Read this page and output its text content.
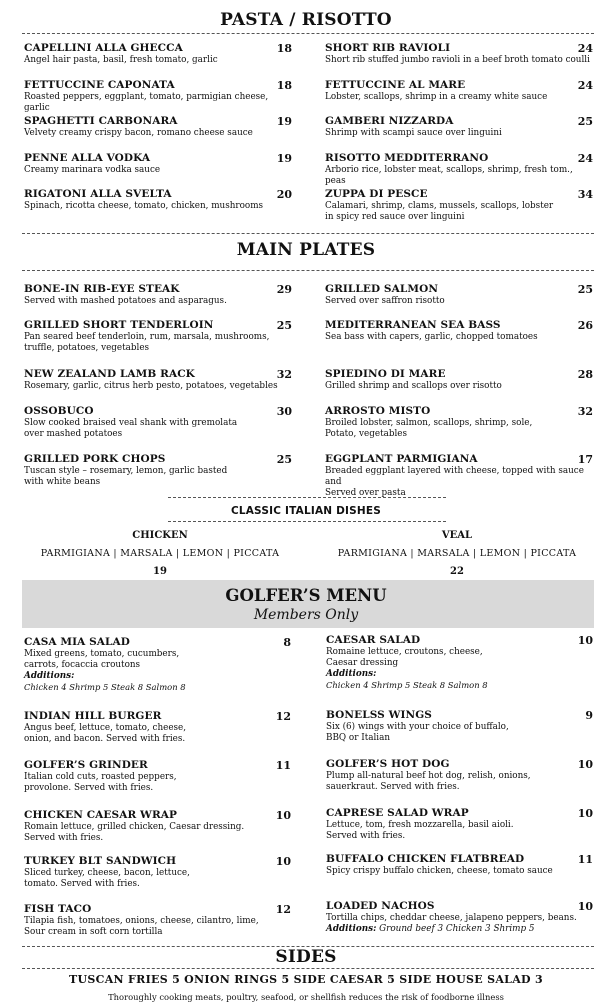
PASTA / RISOTTO
MAIN PLATES
CAPELLINI ALLA GHECCA	18
Angel hair pasta, basil, fresh tomato, garlic
FETTUCCINE CAPONATA	18
Roasted peppers, eggplant, tomato, parmigian cheese, garlic
SPAGHETTI CARBONARA	19
Velvety creamy crispy bacon, romano cheese sauce
PENNE ALLA VODKA	19
Creamy marinara vodka sauce
RIGATONI ALLA SVELTA	20
Spinach, ricotta cheese, tomato, chicken, mushrooms
SHORT RIB RAVIOLI	24
Short rib stuffed jumbo ravioli in a beef broth tomato coulli
FETTUCCINE AL MARE	24
Lobster, scallops, shrimp in a creamy white sauce
GAMBERI NIZZARDA	25
Shrimp with scampi sauce over linguini
RISOTTO MEDDITERRANO	24
Arborio rice, lobster meat, scallops, shrimp, fresh tom., peas
ZUPPA DI PESCE	34
Calamari, shrimp, clams, mussels, scallops, lobster
in spicy red sauce over linguini
BONE-IN RIB-EYE STEAK	29
Served with mashed potatoes and asparagus.
GRILLED SHORT TENDERLOIN	25
Pan seared beef tenderloin, rum, marsala, mushrooms,
truffle, potatoes, vegetables
NEW ZEALAND LAMB RACK	32
Rosemary, garlic, citrus herb pesto, potatoes, vegetables
OSSOBUCO	30
Slow cooked braised veal shank with gremolata
over mashed potatoes
GRILLED PORK CHOPS	25
Tuscan style – rosemary, lemon, garlic basted
with white beans
GRILLED SALMON	25
Served over saffron risotto
MEDITERRANEAN SEA BASS	26
Sea bass with capers, garlic, chopped tomatoes
SPIEDINO DI MARE	28
Grilled shrimp and scallops over risotto
ARROSTO MISTO	32
Broiled lobster, salmon, scallops, shrimp, sole,
Potato, vegetables
EGGPLANT PARMIGIANA	17
Breaded eggplant layered with cheese, topped with sauce and
Served over pasta
CLASSIC ITALIAN DISHES
CHICKEN
PARMIGIANA | MARSALA | LEMON | PICCATA
19
VEAL
PARMIGIANA | MARSALA | LEMON | PICCATA
22
GOLFER’S MENU
Members Only
CASA MIA SALAD	8
Mixed greens, tomato, cucumbers,
carrots, focaccia croutons
Additions:
Chicken 4 Shrimp 5 Steak 8 Salmon 8
INDIAN HILL BURGER	12
Angus beef, lettuce, tomato, cheese,
onion, and bacon. Served with fries.
GOLFER’S GRINDER	11
Italian cold cuts, roasted peppers,
provolone. Served with fries.
CHICKEN CAESAR WRAP	10
Romain lettuce, grilled chicken, Caesar dressing.
Served with fries.
TURKEY BLT SANDWICH	10
Sliced turkey, cheese, bacon, lettuce,
tomato. Served with fries.
FISH TACO	12
Tilapia fish, tomatoes, onions, cheese, cilantro, lime,
Sour cream in soft corn tortilla
CAESAR SALAD	10
Romaine lettuce, croutons, cheese,
Caesar dressing
Additions:
Chicken 4 Shrimp 5 Steak 8 Salmon 8
BONELSS WINGS	9
Six (6) wings with your choice of buffalo,
BBQ or Italian
GOLFER’S HOT DOG	10
Plump all-natural beef hot dog, relish, onions,
sauerkraut. Served with fries.
CAPRESE SALAD WRAP	10
Lettuce, tom, fresh mozzarella, basil aioli.
Served with fries.
BUFFALO CHICKEN FLATBREAD	11
Spicy crispy buffalo chicken, cheese, tomato sauce
LOADED NACHOS	10
Tortilla chips, cheddar cheese, jalapeno peppers, beans.
Additions: Ground beef 3 Chicken 3 Shrimp 5
SIDES
TUSCAN FRIES 5 ONION RINGS 5 SIDE CAESAR 5 SIDE HOUSE SALAD 3
Thoroughly cooking meats, poultry, seafood, or shellfish reduces the risk of foodborne illness
